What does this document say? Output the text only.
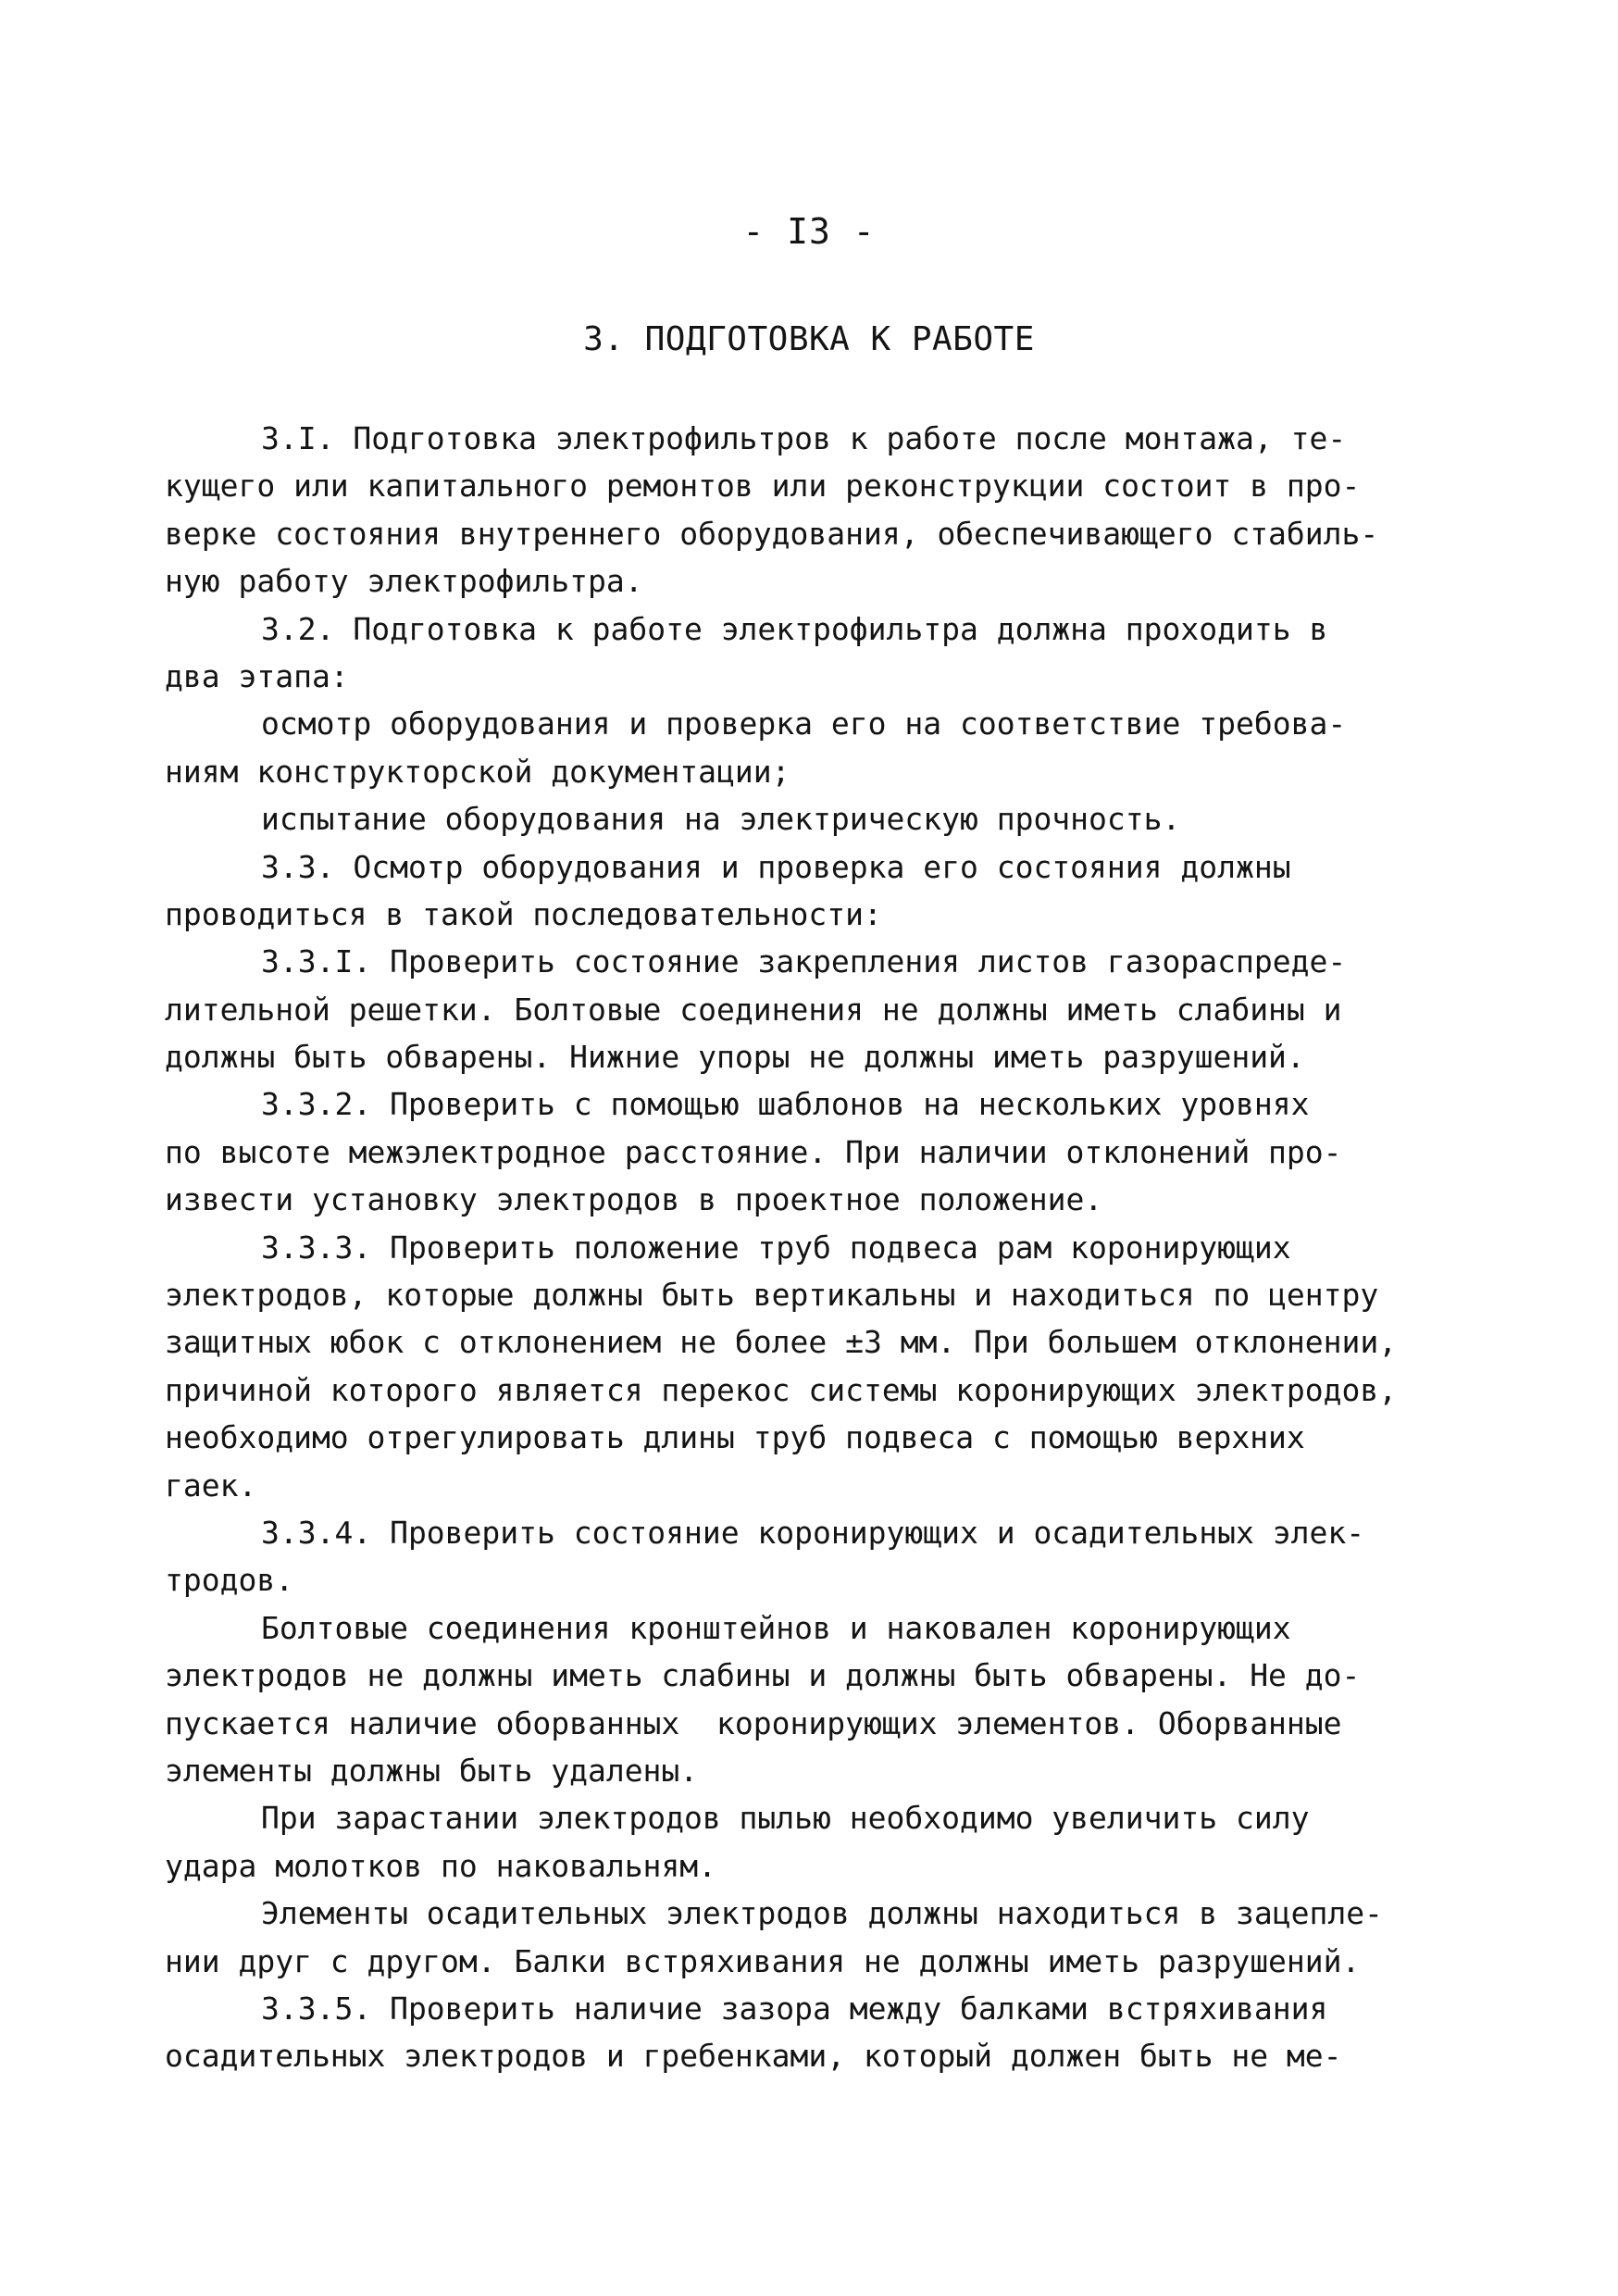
- I3 -
3. ПОДГОТОВКА К РАБОТЕ
3.I. Подготовка электрофильтров к работе после монтажа, те-
кущего или капитального ремонтов или реконструкции состоит в про-
верке состояния внутреннего оборудования, обеспечивающего стабиль-
ную работу электрофильтра.
3.2. Подготовка к работе электрофильтра должна проходить в
два этапа:
осмотр оборудования и проверка его на соответствие требова-
ниям конструкторской документации;
испытание оборудования на электрическую прочность.
3.3. Осмотр оборудования и проверка его состояния должны
проводиться в такой последовательности:
3.3.I. Проверить состояние закрепления листов газораспреде-
лительной решетки. Болтовые соединения не должны иметь слабины и
должны быть обварены. Нижние упоры не должны иметь разрушений.
3.3.2. Проверить с помощью шаблонов на нескольких уровнях
по высоте межэлектродное расстояние. При наличии отклонений про-
извести установку электродов в проектное положение.
3.3.3. Проверить положение труб подвеса рам коронирующих
электродов, которые должны быть вертикальны и находиться по центру
защитных юбок с отклонением не более ±3 мм. При большем отклонении,
причиной которого является перекос системы коронирующих электродов,
необходимо отрегулировать длины труб подвеса с помощью верхних
гаек.
3.3.4. Проверить состояние коронирующих и осадительных элек-
тродов.
Болтовые соединения кронштейнов и наковален коронирующих
электродов не должны иметь слабины и должны быть обварены. Не до-
пускается наличие оборванных  коронирующих элементов. Оборванные
элементы должны быть удалены.
При зарастании электродов пылью необходимо увеличить силу
удара молотков по наковальням.
Элементы осадительных электродов должны находиться в зацепле-
нии друг с другом. Балки встряхивания не должны иметь разрушений.
3.3.5. Проверить наличие зазора между балками встряхивания
осадительных электродов и гребенками, который должен быть не ме-
